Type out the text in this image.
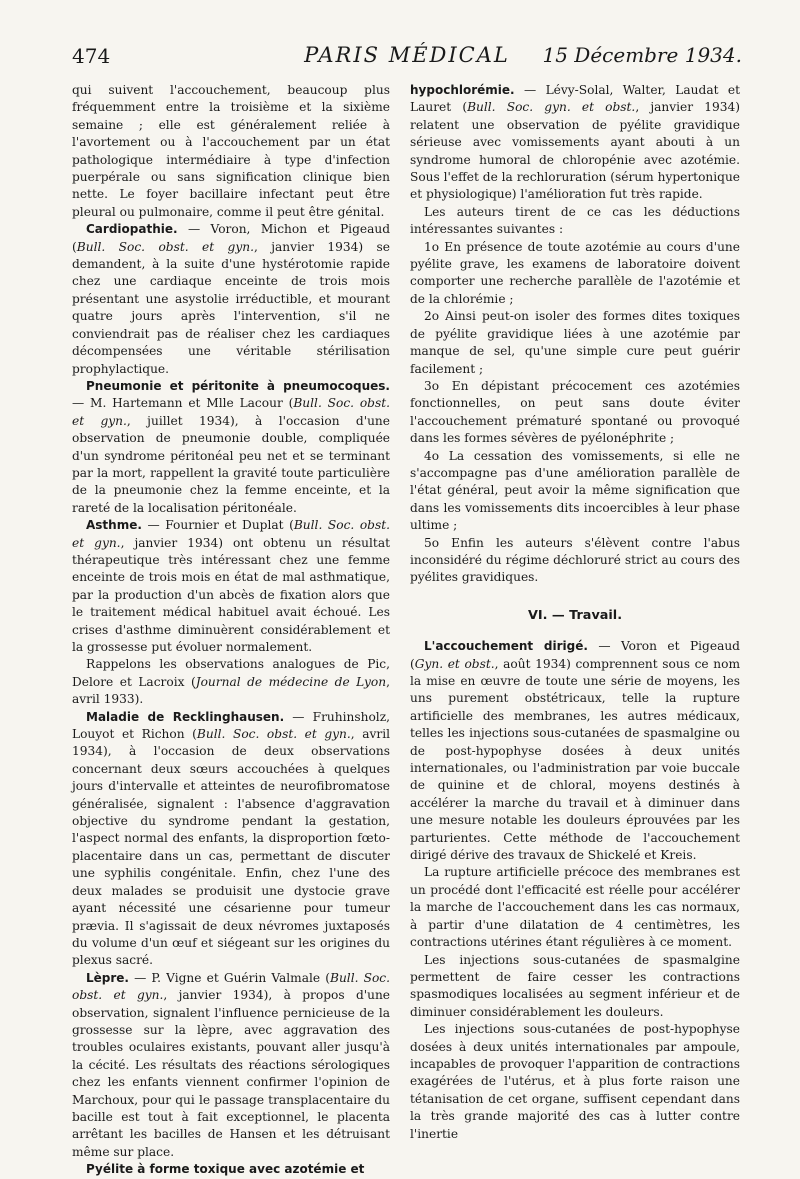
474	PARIS MÉDICAL	15 Décembre 1934.

qui suivent l'accouchement, beaucoup plus fréquemment entre la troisième et la sixième semaine ; elle est généralement reliée à l'avortement ou à l'accouchement par un état pathologique intermédiaire à type d'infection puerpérale ou sans signification clinique bien nette. Le foyer bacillaire infectant peut être pleural ou pulmonaire, comme il peut être génital.

Cardiopathie. — Voron, Michon et Pigeaud (Bull. Soc. obst. et gyn., janvier 1934) se demandent, à la suite d'une hystérotomie rapide chez une cardiaque enceinte de trois mois présentant une asystolie irréductible, et mourant quatre jours après l'intervention, s'il ne conviendrait pas de réaliser chez les cardiaques décompensées une véritable stérilisation prophylactique.

Pneumonie et péritonite à pneumocoques. — M. Hartemann et Mlle Lacour (Bull. Soc. obst. et gyn., juillet 1934), à l'occasion d'une observation de pneumonie double, compliquée d'un syndrome péritonéal peu net et se terminant par la mort, rappellent la gravité toute particulière de la pneumonie chez la femme enceinte, et la rareté de la localisation péritonéale.

Asthme. — Fournier et Duplat (Bull. Soc. obst. et gyn., janvier 1934) ont obtenu un résultat thérapeutique très intéressant chez une femme enceinte de trois mois en état de mal asthmatique, par la production d'un abcès de fixation alors que le traitement médical habituel avait échoué. Les crises d'asthme diminuèrent considérablement et la grossesse put évoluer normalement.

Rappelons les observations analogues de Pic, Delore et Lacroix (Journal de médecine de Lyon, avril 1933).

Maladie de Recklinghausen. — Fruhinsholz, Louyot et Richon (Bull. Soc. obst. et gyn., avril 1934), à l'occasion de deux observations concernant deux sœurs accouchées à quelques jours d'intervalle et atteintes de neurofibromatose généralisée, signalent : l'absence d'aggravation objective du syndrome pendant la gestation, l'aspect normal des enfants, la disproportion fœto-placentaire dans un cas, permettant de discuter une syphilis congénitale. Enfin, chez l'une des deux malades se produisit une dystocie grave ayant nécessité une césarienne pour tumeur prævia. Il s'agissait de deux névromes juxtaposés du volume d'un œuf et siégeant sur les origines du plexus sacré.

Lèpre. — P. Vigne et Guérin Valmale (Bull. Soc. obst. et gyn., janvier 1934), à propos d'une observation, signalent l'influence pernicieuse de la grossesse sur la lèpre, avec aggravation des troubles oculaires existants, pouvant aller jusqu'à la cécité. Les résultats des réactions sérologiques chez les enfants viennent confirmer l'opinion de Marchoux, pour qui le passage transplacentaire du bacille est tout à fait exceptionnel, le placenta arrêtant les bacilles de Hansen et les détruisant même sur place.

Pyélite à forme toxique avec azotémie et

hypochlorémie. — Lévy-Solal, Walter, Laudat et Lauret (Bull. Soc. gyn. et obst., janvier 1934) relatent une observation de pyélite gravidique sérieuse avec vomissements ayant abouti à un syndrome humoral de chloropénie avec azotémie. Sous l'effet de la rechloruration (sérum hypertonique et physiologique) l'amélioration fut très rapide.

Les auteurs tirent de ce cas les déductions intéressantes suivantes :

1o En présence de toute azotémie au cours d'une pyélite grave, les examens de laboratoire doivent comporter une recherche parallèle de l'azotémie et de la chlorémie ;

2o Ainsi peut-on isoler des formes dites toxiques de pyélite gravidique liées à une azotémie par manque de sel, qu'une simple cure peut guérir facilement ;

3o En dépistant précocement ces azotémies fonctionnelles, on peut sans doute éviter l'accouchement prématuré spontané ou provoqué dans les formes sévères de pyélonéphrite ;

4o La cessation des vomissements, si elle ne s'accompagne pas d'une amélioration parallèle de l'état général, peut avoir la même signification que dans les vomissements dits incoercibles à leur phase ultime ;

5o Enfin les auteurs s'élèvent contre l'abus inconsidéré du régime déchloruré strict au cours des pyélites gravidiques.

VI. — Travail.

L'accouchement dirigé. — Voron et Pigeaud (Gyn. et obst., août 1934) comprennent sous ce nom la mise en œuvre de toute une série de moyens, les uns purement obstétricaux, telle la rupture artificielle des membranes, les autres médicaux, telles les injections sous-cutanées de spasmalgine ou de post-hypophyse dosées à deux unités internationales, ou l'administration par voie buccale de quinine et de chloral, moyens destinés à accélérer la marche du travail et à diminuer dans une mesure notable les douleurs éprouvées par les parturientes. Cette méthode de l'accouchement dirigé dérive des travaux de Shickelé et Kreis.

La rupture artificielle précoce des membranes est un procédé dont l'efficacité est réelle pour accélérer la marche de l'accouchement dans les cas normaux, à partir d'une dilatation de 4 centimètres, les contractions utérines étant régulières à ce moment.

Les injections sous-cutanées de spasmalgine permettent de faire cesser les contractions spasmodiques localisées au segment inférieur et de diminuer considérablement les douleurs.

Les injections sous-cutanées de post-hypophyse dosées à deux unités internationales par ampoule, incapables de provoquer l'apparition de contractions exagérées de l'utérus, et à plus forte raison une tétanisation de cet organe, suffisent cependant dans la très grande majorité des cas à lutter contre l'inertie
